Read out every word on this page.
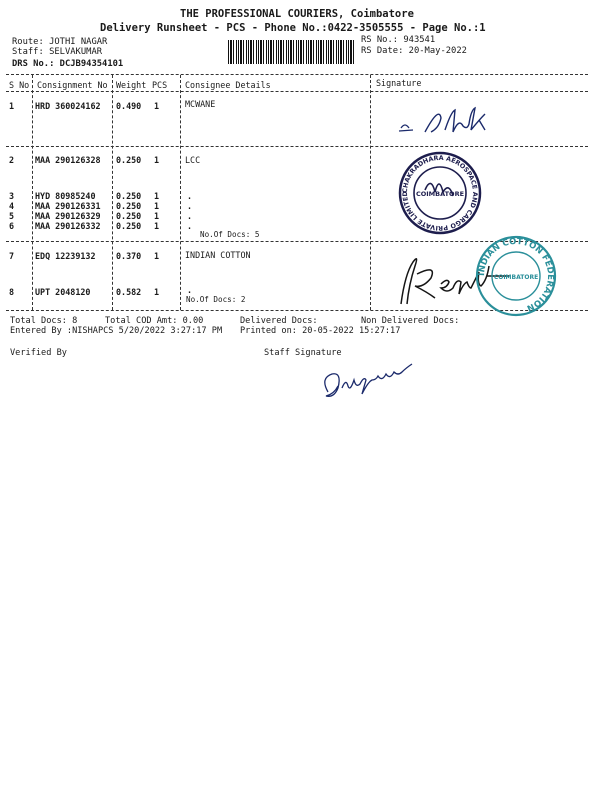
THE PROFESSIONAL COURIERS, Coimbatore
Delivery Runsheet - PCS - Phone No.:0422-3505555 - Page No.:1
Route: JOTHI NAGAR
Staff: SELVAKUMAR
DRS No.: DCJB94354101
RS No.: 943541
RS Date: 20-May-2022
S No Consignment No Weight PCS Consignee Details	Signature
1 HRD 360024162 0.490 1	MCWANE
2 MAA 290126328 0.250 1	LCC
3 HYD 80985240 0.250 1	.
4 MAA 290126331 0.250 1	.
5 MAA 290126329 0.250 1	.
6 MAA 290126332 0.250 1	.
No.Of Docs: 5
7 EDQ 12239132 0.370 1	INDIAN COTTON
8 UPT 2048120	0.582 1	.
No.Of Docs: 2
CHAKRADHARA AEROSPACE AND CARGO PRIVATE LIMITED	COIMBATORE
INDIAN COTTON FEDERATION
COIMBATORE
Total Docs: 8	Total COD Amt: 0.00	Delivered Docs:	Non Delivered Docs:
Entered By :NISHAPCS 5/20/2022 3:27:17 PM Printed on: 20-05-2022 15:27:17
Verified By	Staff Signature
